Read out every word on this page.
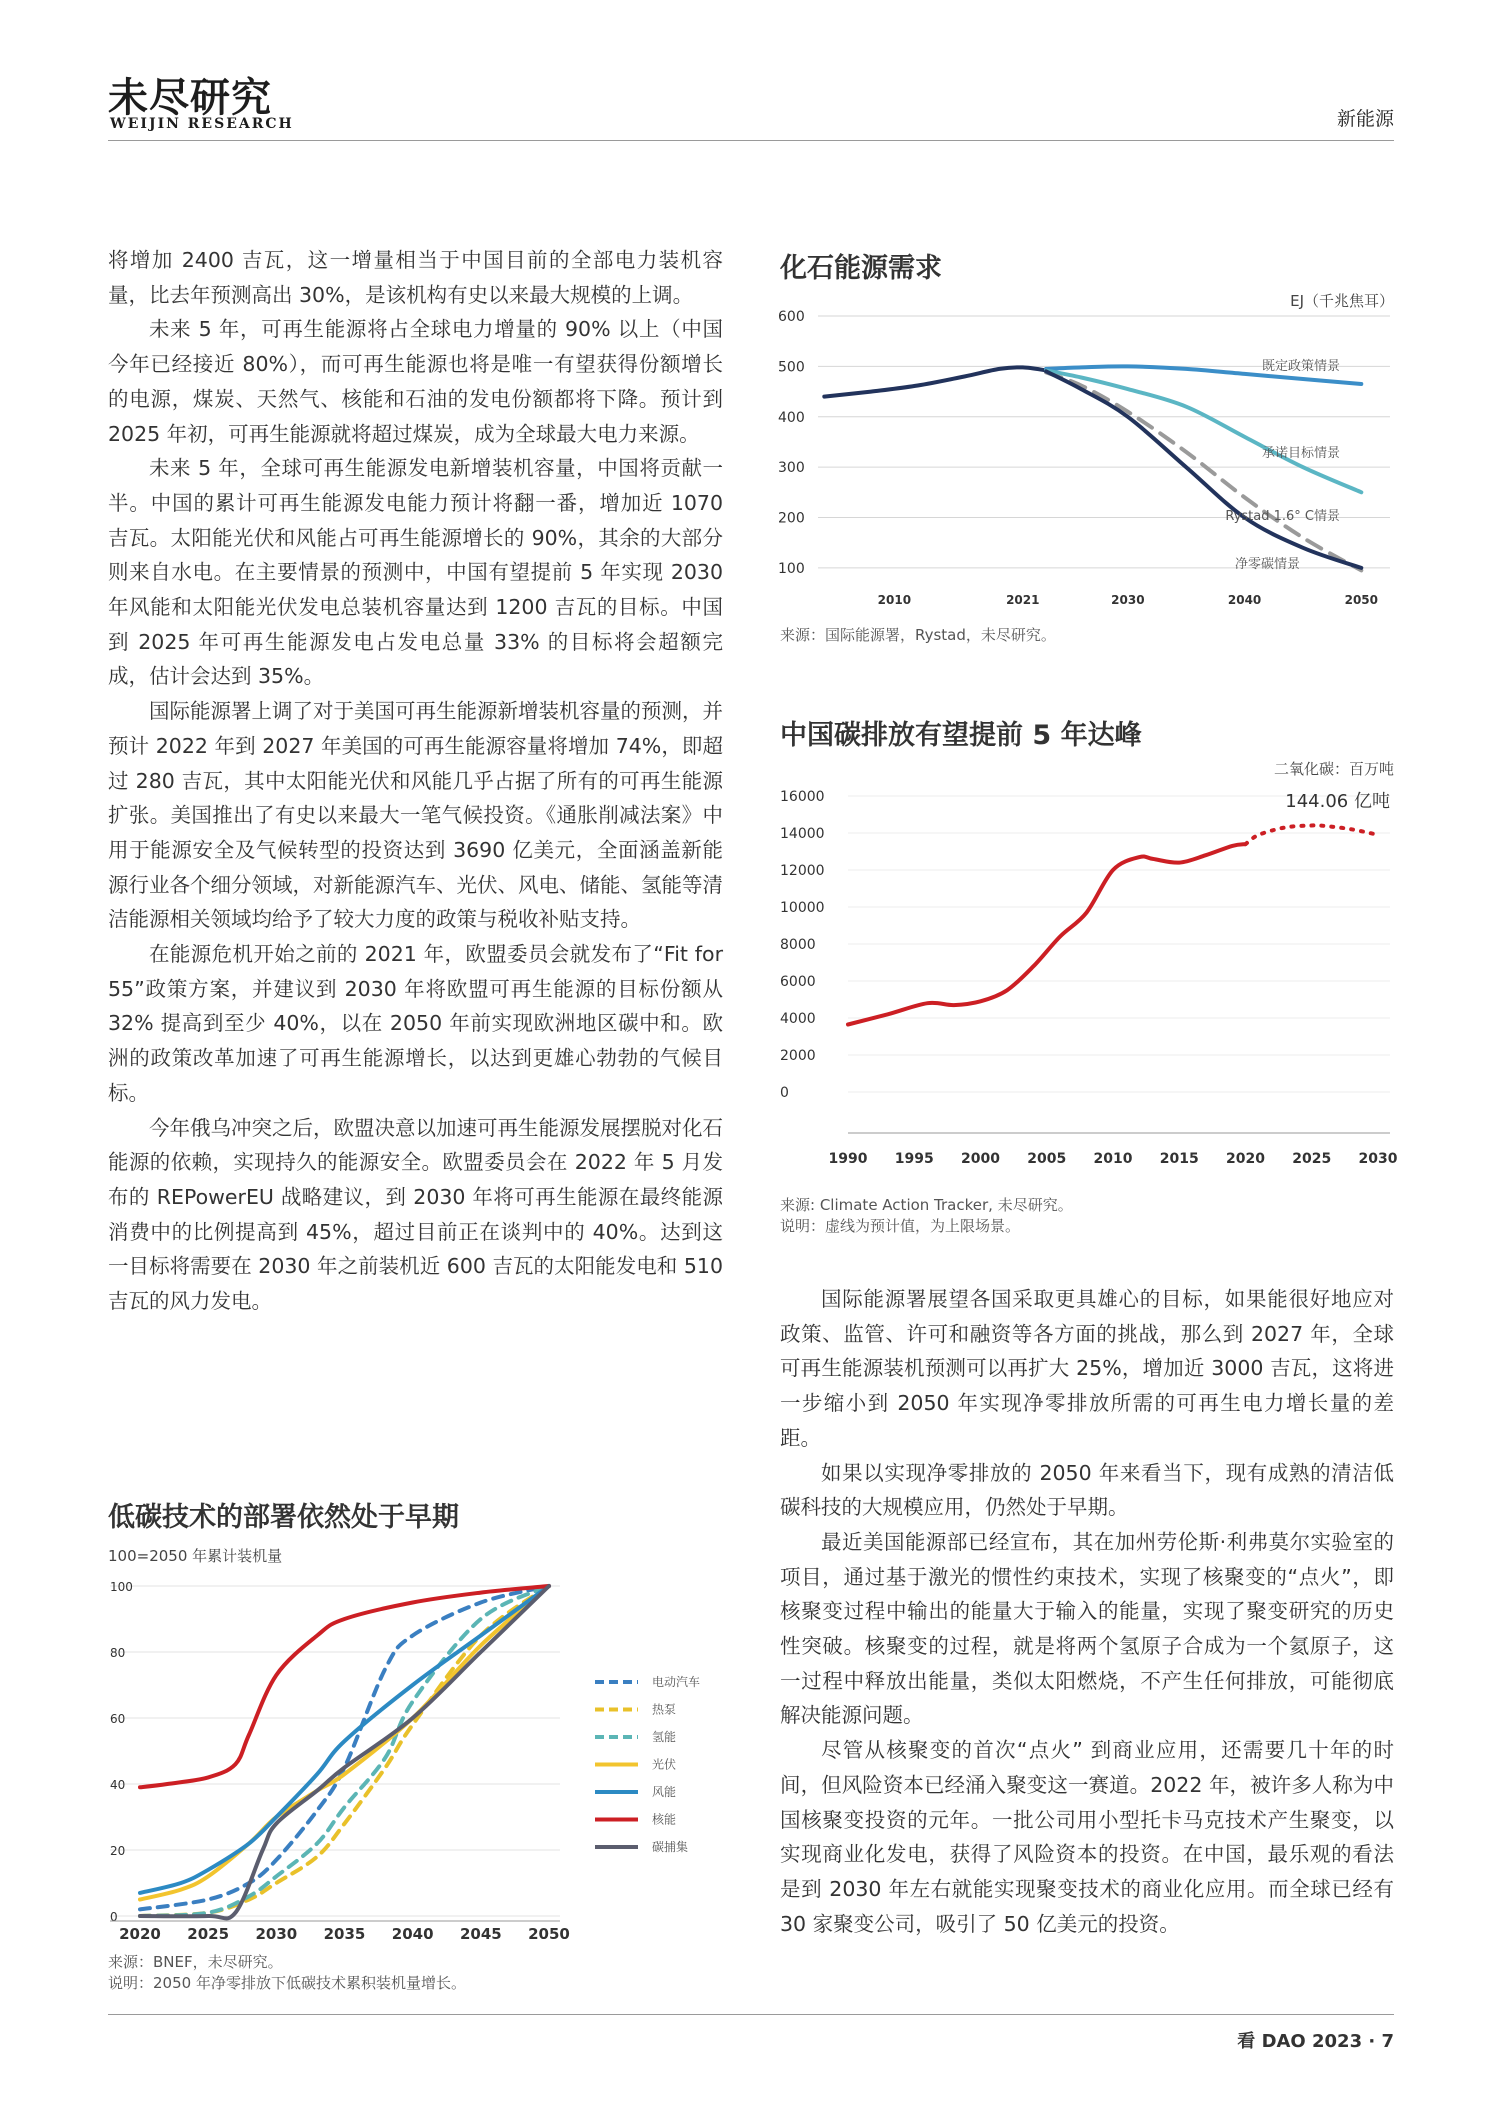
未尽研究
WEIJIN RESEARCH	新能源

将增加 2400 吉瓦，这一增量相当于中国目前的全部电力装机容量，比去年预测高出 30%，是该机构有史以来最大规模的上调。

未来 5 年，可再生能源将占全球电力增量的 90% 以上（中国今年已经接近 80%），而可再生能源也将是唯一有望获得份额增长的电源，煤炭、天然气、核能和石油的发电份额都将下降。预计到 2025 年初，可再生能源就将超过煤炭，成为全球最大电力来源。

未来 5 年，全球可再生能源发电新增装机容量，中国将贡献一半。中国的累计可再生能源发电能力预计将翻一番，增加近 1070 吉瓦。太阳能光伏和风能占可再生能源增长的 90%，其余的大部分则来自水电。在主要情景的预测中，中国有望提前 5 年实现 2030 年风能和太阳能光伏发电总装机容量达到 1200 吉瓦的目标。中国到 2025 年可再生能源发电占发电总量 33% 的目标将会超额完成，估计会达到 35%。

国际能源署上调了对于美国可再生能源新增装机容量的预测，并预计 2022 年到 2027 年美国的可再生能源容量将增加 74%，即超过 280 吉瓦，其中太阳能光伏和风能几乎占据了所有的可再生能源扩张。美国推出了有史以来最大一笔气候投资。《通胀削减法案》中用于能源安全及气候转型的投资达到 3690 亿美元，全面涵盖新能源行业各个细分领域，对新能源汽车、光伏、风电、储能、氢能等清洁能源相关领域均给予了较大力度的政策与税收补贴支持。

在能源危机开始之前的 2021 年，欧盟委员会就发布了“Fit for 55”政策方案，并建议到 2030 年将欧盟可再生能源的目标份额从 32% 提高到至少 40%，以在 2050 年前实现欧洲地区碳中和。欧洲的政策改革加速了可再生能源增长，以达到更雄心勃勃的气候目标。

今年俄乌冲突之后，欧盟决意以加速可再生能源发展摆脱对化石能源的依赖，实现持久的能源安全。欧盟委员会在 2022 年 5 月发布的 REPowerEU 战略建议，到 2030 年将可再生能源在最终能源消费中的比例提高到 45%，超过目前正在谈判中的 40%。达到这一目标将需要在 2030 年之前装机近 600 吉瓦的太阳能发电和 510 吉瓦的风力发电。

化石能源需求
EJ（千兆焦耳）
100
200
300
400
500
600
2010	2021	2030	2040	2050
既定政策情景
承诺目标情景
Rystad 1.6° C情景
净零碳情景
来源：国际能源署，Rystad，未尽研究。
中国碳排放有望提前 5 年达峰
二氧化碳：百万吨
0
2000
4000
6000
8000
10000
12000
14000
16000
1990 1995 2000 2005 2010 2015 2020 2025 2030
144.06 亿吨
来源: Climate Action Tracker, 未尽研究。
说明：虚线为预计值，为上限场景。
低碳技术的部署依然处于早期
100=2050 年累计装机量
0
20
40
60
80
100
2020 2025 2030 2035 2040 2045 2050
电动汽车
热泵
氢能
光伏
风能
核能
碳捕集
来源：BNEF，未尽研究。
说明：2050 年净零排放下低碳技术累积装机量增长。

国际能源署展望各国采取更具雄心的目标，如果能很好地应对政策、监管、许可和融资等各方面的挑战，那么到 2027 年，全球可再生能源装机预测可以再扩大 25%，增加近 3000 吉瓦，这将进一步缩小到 2050 年实现净零排放所需的可再生电力增长量的差距。

如果以实现净零排放的 2050 年来看当下，现有成熟的清洁低碳科技的大规模应用，仍然处于早期。

最近美国能源部已经宣布，其在加州劳伦斯·利弗莫尔实验室的项目，通过基于激光的惯性约束技术，实现了核聚变的“点火”，即核聚变过程中输出的能量大于输入的能量，实现了聚变研究的历史性突破。核聚变的过程，就是将两个氢原子合成为一个氦原子，这一过程中释放出能量，类似太阳燃烧，不产生任何排放，可能彻底解决能源问题。

尽管从核聚变的首次“点火” 到商业应用，还需要几十年的时间，但风险资本已经涌入聚变这一赛道。2022 年，被许多人称为中国核聚变投资的元年。一批公司用小型托卡马克技术产生聚变，以实现商业化发电，获得了风险资本的投资。在中国，最乐观的看法是到 2030 年左右就能实现聚变技术的商业化应用。而全球已经有 30 家聚变公司，吸引了 50 亿美元的投资。

看 DAO 2023 · 7
